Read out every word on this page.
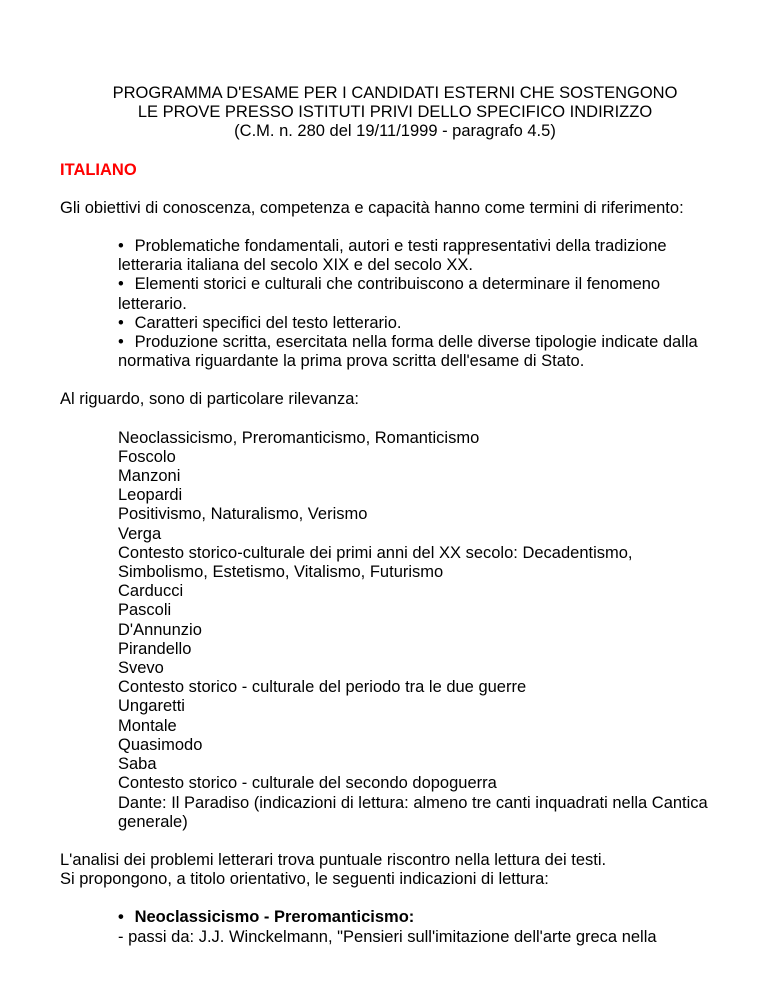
PROGRAMMA D'ESAME PER I CANDIDATI ESTERNI CHE SOSTENGONO
LE PROVE PRESSO ISTITUTI PRIVI DELLO SPECIFICO INDIRIZZO
(C.M. n. 280 del 19/11/1999 - paragrafo 4.5)
ITALIANO

Gli obiettivi di conoscenza, competenza e capacità hanno come termini di riferimento:

• Problematiche fondamentali, autori e testi rappresentativi della tradizione letteraria italiana del secolo XIX e del secolo XX.
• Elementi storici e culturali che contribuiscono a determinare il fenomeno letterario.
• Caratteri specifici del testo letterario.
• Produzione scritta, esercitata nella forma delle diverse tipologie indicate dalla normativa riguardante la prima prova scritta dell'esame di Stato.

Al riguardo, sono di particolare rilevanza:

Neoclassicismo, Preromanticismo, Romanticismo
Foscolo
Manzoni
Leopardi
Positivismo, Naturalismo, Verismo
Verga
Contesto storico-culturale dei primi anni del XX secolo: Decadentismo, Simbolismo, Estetismo, Vitalismo, Futurismo
Carducci
Pascoli
D'Annunzio
Pirandello
Svevo
Contesto storico - culturale del periodo tra le due guerre
Ungaretti
Montale
Quasimodo
Saba
Contesto storico - culturale del secondo dopoguerra
Dante: Il Paradiso (indicazioni di lettura: almeno tre canti inquadrati nella Cantica generale)

L'analisi dei problemi letterari trova puntuale riscontro nella lettura dei testi.
Si propongono, a titolo orientativo, le seguenti indicazioni di lettura:

• Neoclassicismo - Preromanticismo:
- passi da: J.J. Winckelmann, "Pensieri sull'imitazione dell'arte greca nella
